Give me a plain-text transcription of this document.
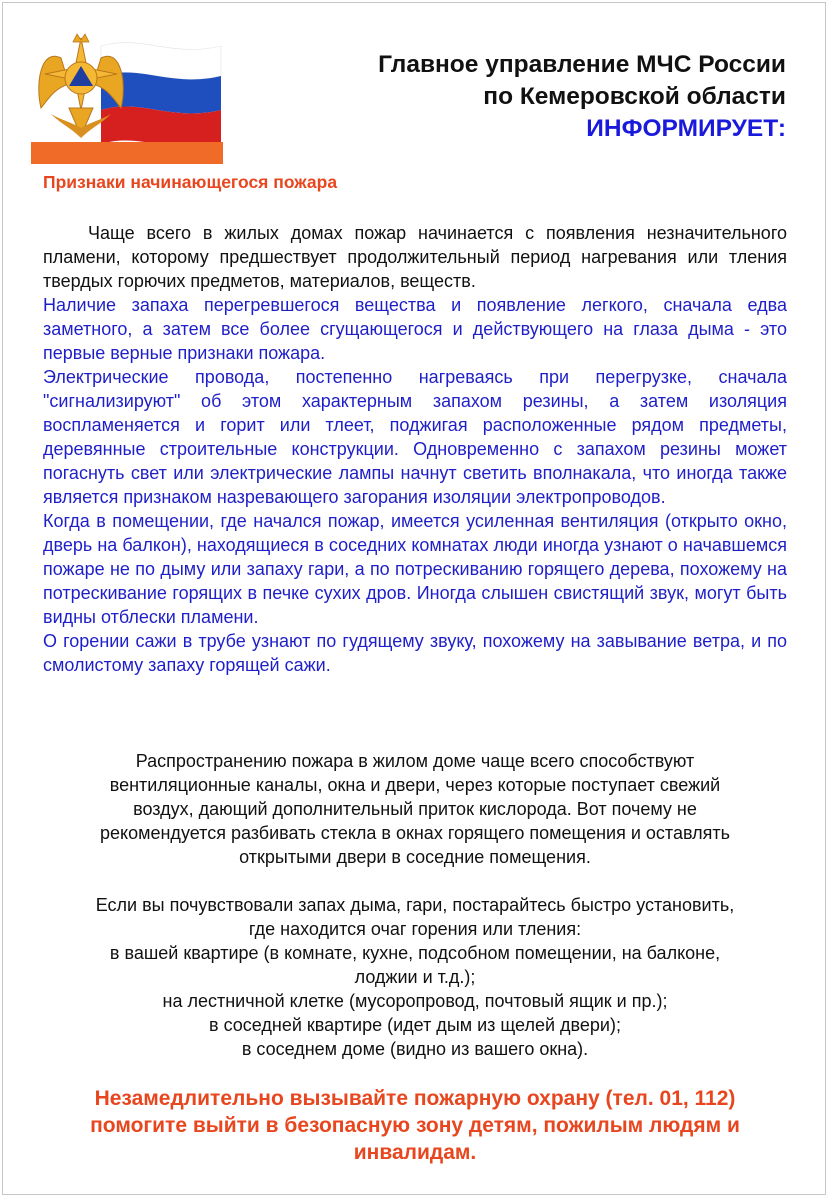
Главное управление МЧС России
по Кемеровской области
ИНФОРМИРУЕТ:
Признаки начинающегося пожара

Чаще всего в жилых домах пожар начинается с появления незначительного пламени, которому предшествует продолжительный период нагревания или тления твердых горючих предметов, материалов, веществ.

Наличие запаха перегревшегося вещества и появление легкого, сначала едва заметного, а затем все более сгущающегося и действующего на глаза дыма - это первые верные признаки пожара.

Электрические провода, постепенно нагреваясь при перегрузке, сначала "сигнализируют" об этом характерным запахом резины, а затем изоляция воспламеняется и горит или тлеет, поджигая расположенные рядом предметы, деревянные строительные конструкции. Одновременно с запахом резины может погаснуть свет или электрические лампы начнут светить вполнакала, что иногда также является признаком назревающего загорания изоляции электропроводов.

Когда в помещении, где начался пожар, имеется усиленная вентиляция (открыто окно, дверь на балкон), находящиеся в соседних комнатах люди иногда узнают о начавшемся пожаре не по дыму или запаху гари, а по потрескиванию горящего дерева, похожему на потрескивание горящих в печке сухих дров. Иногда слышен свистящий звук, могут быть видны отблески пламени.

О горении сажи в трубе узнают по гудящему звуку, похожему на завывание ветра, и по смолистому запаху горящей сажи.

Распространению пожара в жилом доме чаще всего способствуют

вентиляционные каналы, окна и двери, через которые поступает свежий

воздух, дающий дополнительный приток кислорода. Вот почему не

рекомендуется разбивать стекла в окнах горящего помещения и оставлять

открытыми двери в соседние помещения.

Если вы почувствовали запах дыма, гари, постарайтесь быстро установить,

где находится очаг горения или тления:

в вашей квартире (в комнате, кухне, подсобном помещении, на балконе,

лоджии и т.д.);

на лестничной клетке (мусоропровод, почтовый ящик и пр.);

в соседней квартире (идет дым из щелей двери);

в соседнем доме (видно из вашего окна).

Незамедлительно вызывайте пожарную охрану (тел. 01, 112)
помогите выйти в безопасную зону детям, пожилым людям и
инвалидам.
